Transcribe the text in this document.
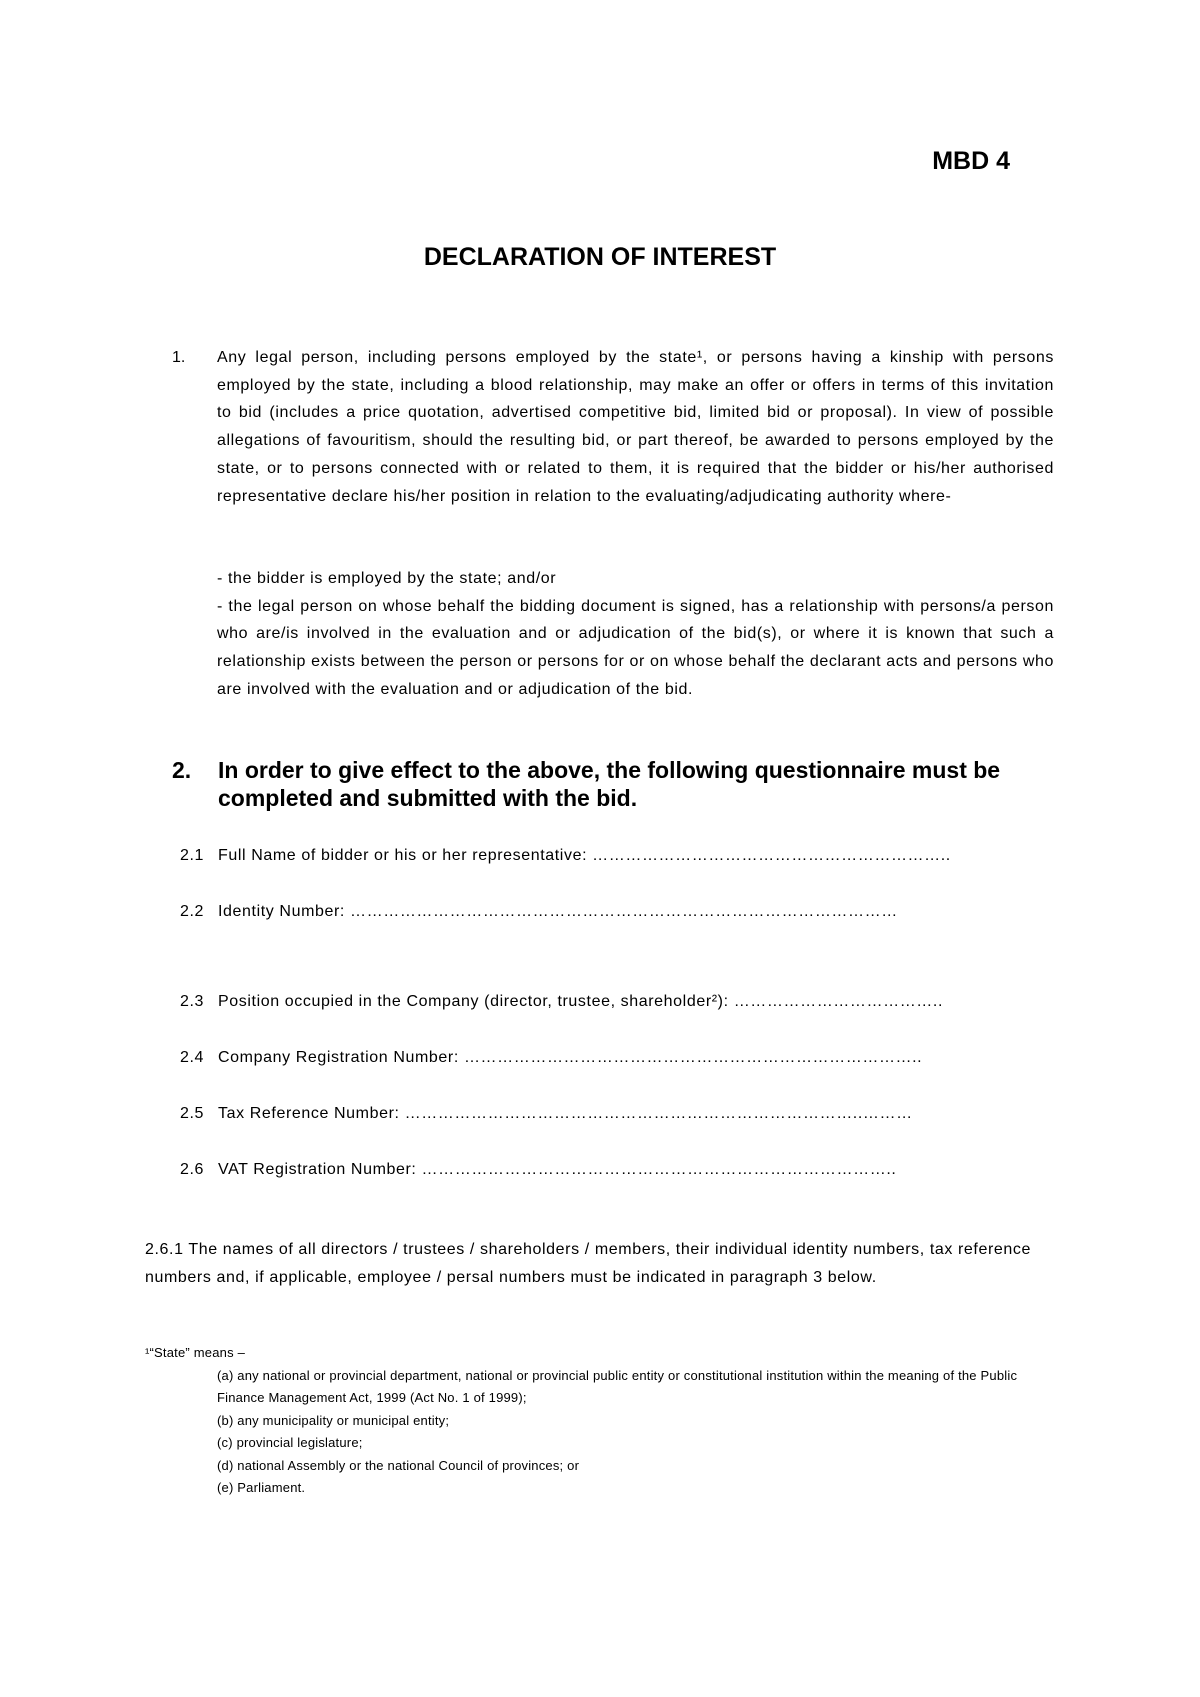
MBD 4
DECLARATION OF INTEREST
1. Any legal person, including persons employed by the state¹, or persons having a kinship with persons employed by the state, including a blood relationship, may make an offer or offers in terms of this invitation to bid (includes a price quotation, advertised competitive bid, limited bid or proposal). In view of possible allegations of favouritism, should the resulting bid, or part thereof, be awarded to persons employed by the state, or to persons connected with or related to them, it is required that the bidder or his/her authorised representative declare his/her position in relation to the evaluating/adjudicating authority where-

- the bidder is employed by the state; and/or

- the legal person on whose behalf the bidding document is signed, has a relationship with persons/a person who are/is involved in the evaluation and or adjudication of the bid(s), or where it is known that such a relationship exists between the person or persons for or on whose behalf the declarant acts and persons who are involved with the evaluation and or adjudication of the bid.

2. In order to give effect to the above, the following questionnaire must be completed and submitted with the bid.
2.1 Full Name of bidder or his or her representative: ………………………………………………………..
2.2 Identity Number: ………………………………………………………………………………………
2.3 Position occupied in the Company (director, trustee, shareholder²): ………………………………..
2.4 Company Registration Number: ………………………………………………………………………..
2.5 Tax Reference Number: ………………………………………………………………………..………
2.6 VAT Registration Number: …………………………………………………………………………..

2.6.1 The names of all directors / trustees / shareholders / members, their individual identity numbers, tax reference numbers and, if applicable, employee / persal numbers must be indicated in paragraph 3 below.

¹“State” means –
(a) any national or provincial department, national or provincial public entity or constitutional institution within the meaning of the Public Finance Management Act, 1999 (Act No. 1 of 1999);
(b) any municipality or municipal entity;
(c) provincial legislature;
(d) national Assembly or the national Council of provinces; or
(e) Parliament.
